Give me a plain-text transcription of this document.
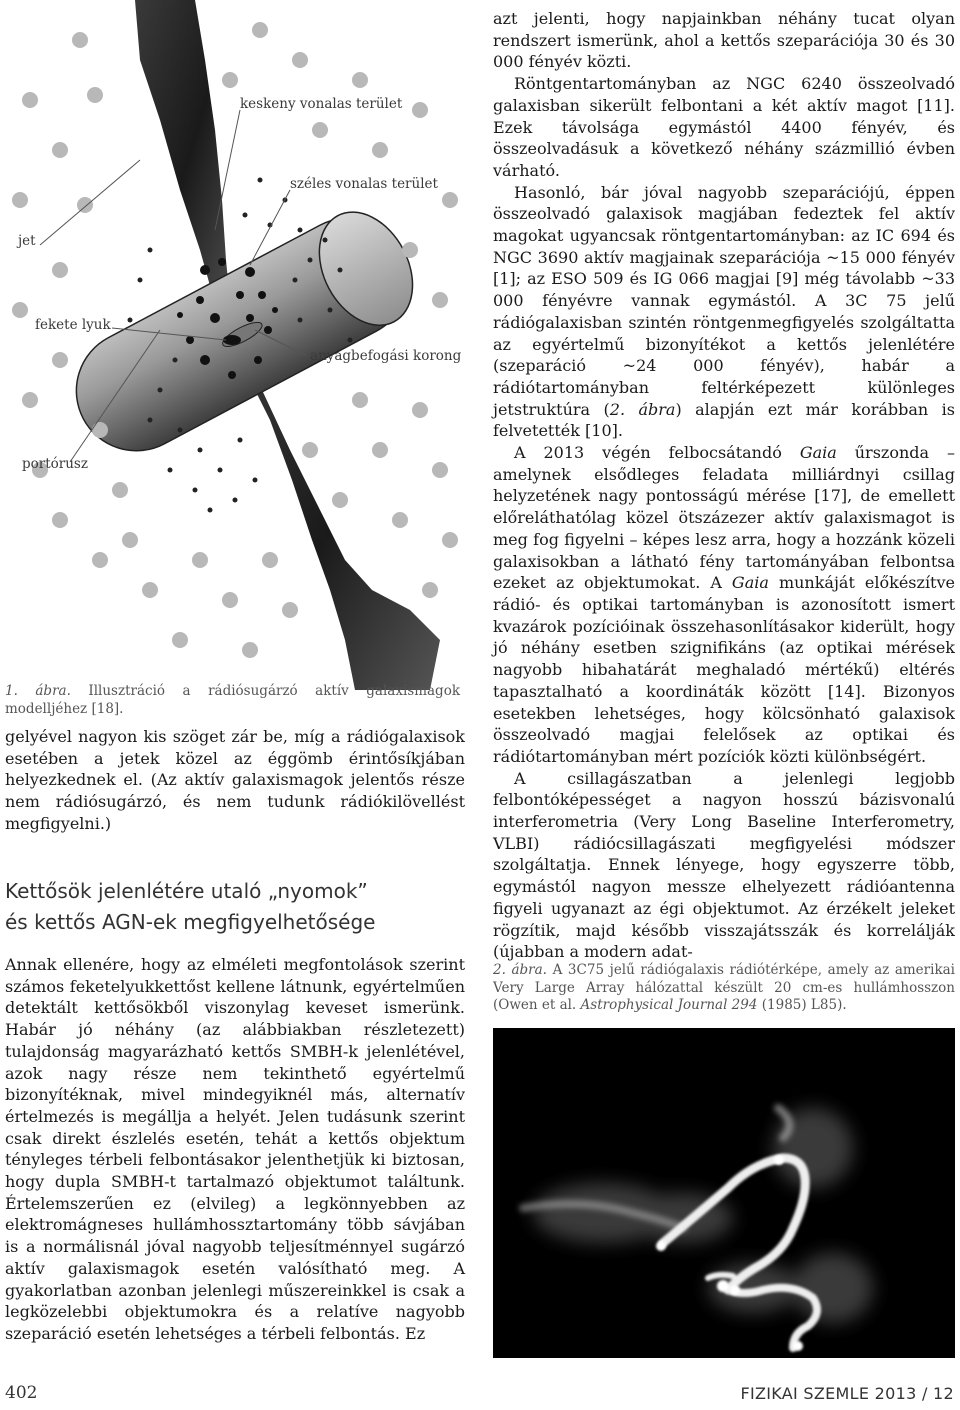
keskeny vonalas terület
széles vonalas terület
jet
fekete lyuk
anyagbefogási korong
portórusz
1. ábra. Illusztráció a rádiósugárzó aktív galaxismagok modelljéhez [18].

gelyével nagyon kis szöget zár be, míg a rádiógalaxisok esetében a jetek közel az éggömb érintősíkjában helyezkednek el. (Az aktív galaxismagok jelentős része nem rádiósugárzó, és nem tudunk rádiókilövellést megfigyelni.)

Kettősök jelenlétére utaló „nyomok”
és kettős AGN-ek megfigyelhetősége

Annak ellenére, hogy az elméleti megfontolások szerint számos feketelyukkettőst kellene látnunk, egyértelműen detektált kettősökből viszonylag keveset ismerünk. Habár jó néhány (az alábbiakban részletezett) tulajdonság magyarázható kettős SMBH-k jelenlétével, azok nagy része nem tekinthető egyértelmű bizonyítéknak, mivel mindegyiknél más, alternatív értelmezés is megállja a helyét. Jelen tudásunk szerint csak direkt észlelés esetén, tehát a kettős objektum tényleges térbeli felbontásakor jelenthetjük ki biztosan, hogy dupla SMBH-t tartalmazó objektumot találtunk. Értelemszerűen ez (elvileg) a legkönnyebben az elektromágneses hullámhossztartomány több sávjában is a normálisnál jóval nagyobb teljesítménnyel sugárzó aktív galaxismagok esetén valósítható meg. A gyakorlatban azonban jelenlegi műszereinkkel is csak a legközelebbi objektumokra és a relatíve nagyobb szeparáció esetén lehetséges a térbeli felbontás. Ez

azt jelenti, hogy napjainkban néhány tucat olyan rendszert ismerünk, ahol a kettős szeparációja 30 és 30 000 fényév közti.

Röntgentartományban az NGC 6240 összeolvadó galaxisban sikerült felbontani a két aktív magot [11]. Ezek távolsága egymástól 4400 fényév, és összeolvadásuk a következő néhány százmillió évben várható.

Hasonló, bár jóval nagyobb szeparációjú, éppen összeolvadó galaxisok magjában fedeztek fel aktív magokat ugyancsak röntgentartományban: az IC 694 és NGC 3690 aktív magjainak szeparációja ~15 000 fényév [1]; az ESO 509 és IG 066 magjai [9] még távolabb ~33 000 fényévre vannak egymástól. A 3C 75 jelű rádiógalaxisban szintén röntgenmegfigyelés szolgáltatta az egyértelmű bizonyítékot a kettős jelenlétére (szeparáció ~24 000 fényév), habár a rádiótartományban feltérképezett különleges jetstruktúra (2. ábra) alapján ezt már korábban is felvetették [10].

A 2013 végén felbocsátandó Gaia űrszonda – amelynek elsődleges feladata milliárdnyi csillag helyzetének nagy pontosságú mérése [17], de emellett előreláthatólag közel ötszázezer aktív galaxismagot is meg fog figyelni – képes lesz arra, hogy a hozzánk közeli galaxisokban a látható fény tartományában felbontsa ezeket az objektumokat. A Gaia munkáját előkészítve rádió- és optikai tartományban is azonosított ismert kvazárok pozícióinak összehasonlításakor kiderült, hogy jó néhány esetben szignifikáns (az optikai mérések nagyobb hibahatárát meghaladó mértékű) eltérés tapasztalható a koordináták között [14]. Bizonyos esetekben lehetséges, hogy kölcsönható galaxisok összeolvadó magjai felelősek az optikai és rádiótartományban mért pozíciók közti különbségért.

A csillagászatban a jelenlegi legjobb felbontóképességet a nagyon hosszú bázisvonalú interferometria (Very Long Baseline Interferometry, VLBI) rádiócsillagászati megfigyelési módszer szolgáltatja. Ennek lényege, hogy egyszerre több, egymástól nagyon messze elhelyezett rádióantenna figyeli ugyanazt az égi objektumot. Az érzékelt jeleket rögzítik, majd később visszajátsszák és korrelálják (újabban a modern adat-

2. ábra. A 3C75 jelű rádiógalaxis rádiótérképe, amely az amerikai Very Large Array hálózattal készült 20 cm-es hullámhosszon (Owen et al. Astrophysical Journal 294 (1985) L85).
402	FIZIKAI SZEMLE 2013 / 12
